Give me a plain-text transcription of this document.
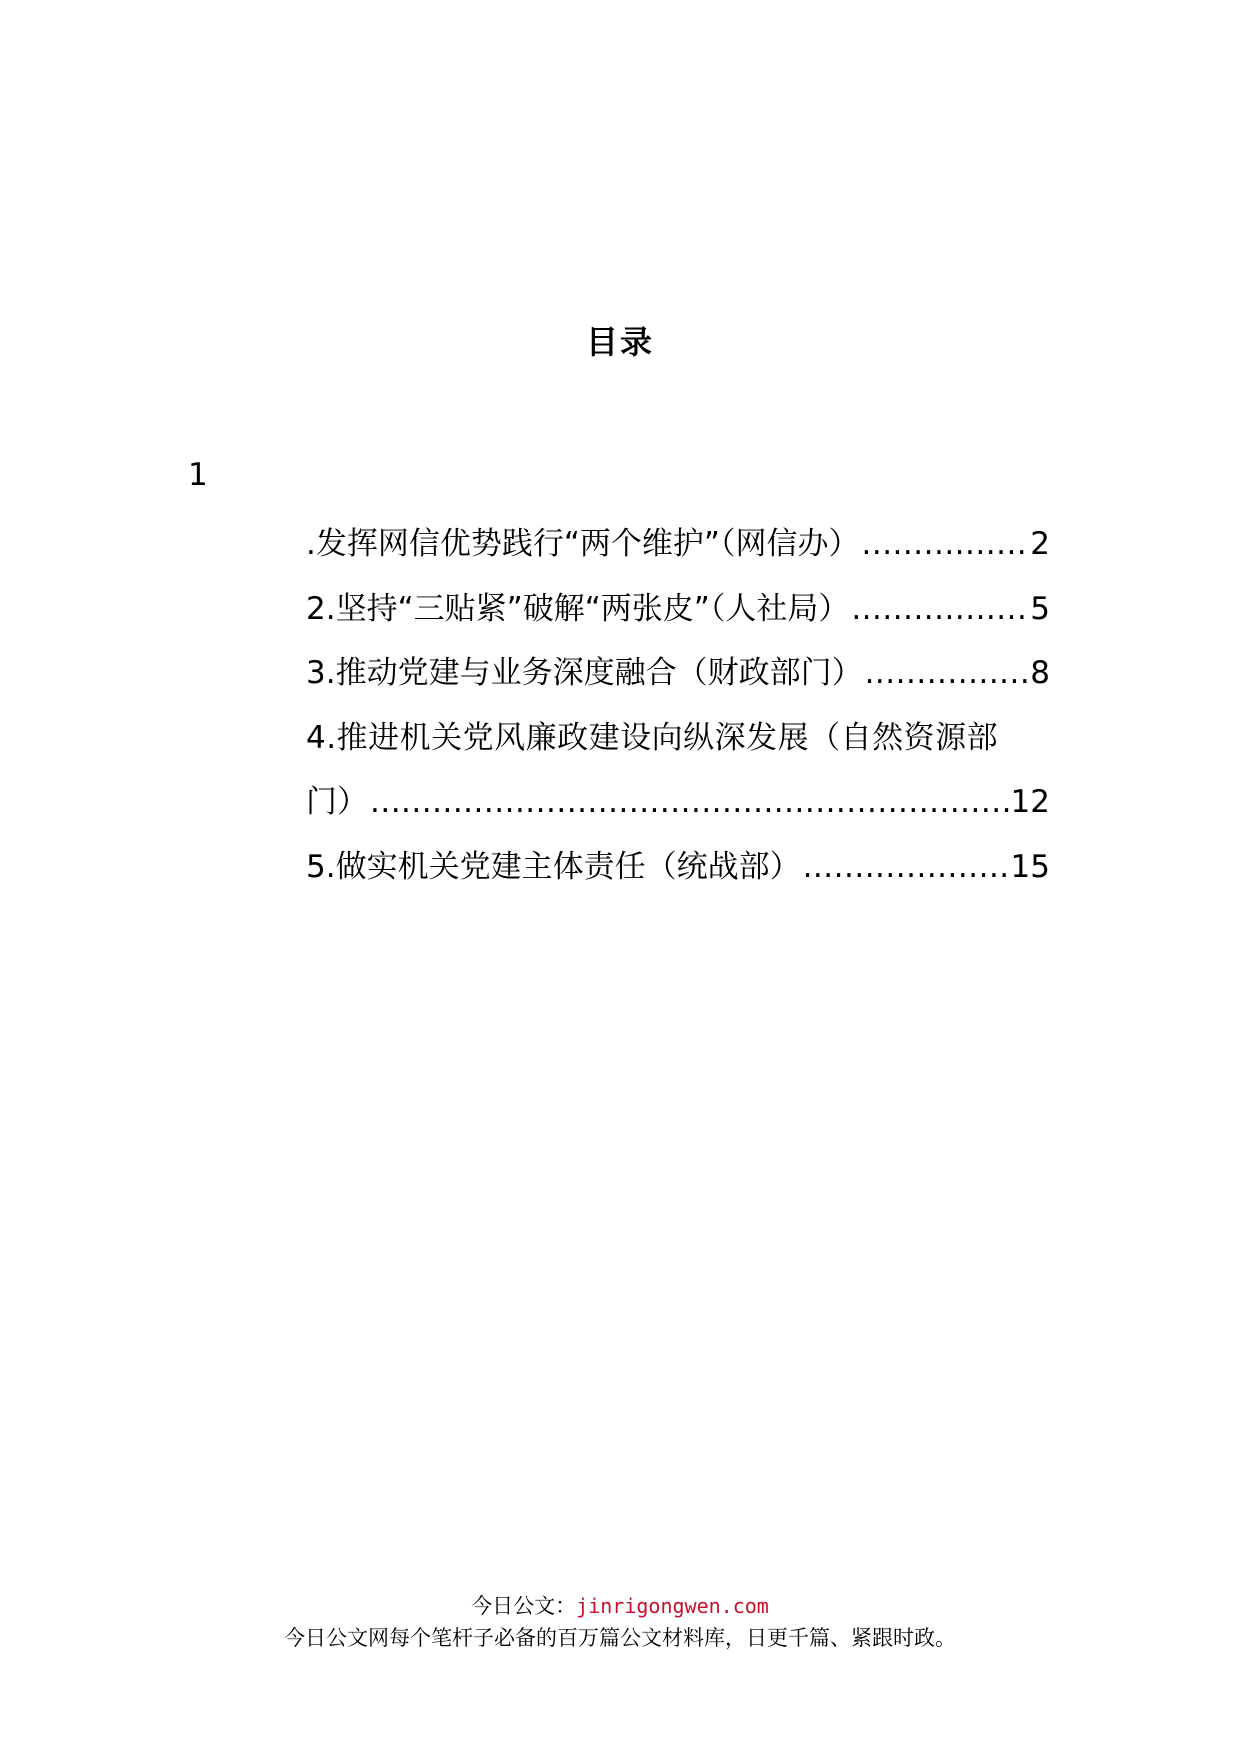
目录
1
.发挥网信优势践行“两个维护”（网信办） .....	2
2.坚持“三贴紧”破解“两张皮”（人社局） .....	5
3.推动党建与业务深度融合（财政部门） .....	8
4.推进机关党风廉政建设向纵深发展（自然资源部
门） .....	12
5.做实机关党建主体责任（统战部） .....	15
今日公文：jinrigongwen.com
今日公文网每个笔杆子必备的百万篇公文材料库，日更千篇、紧跟时政。
